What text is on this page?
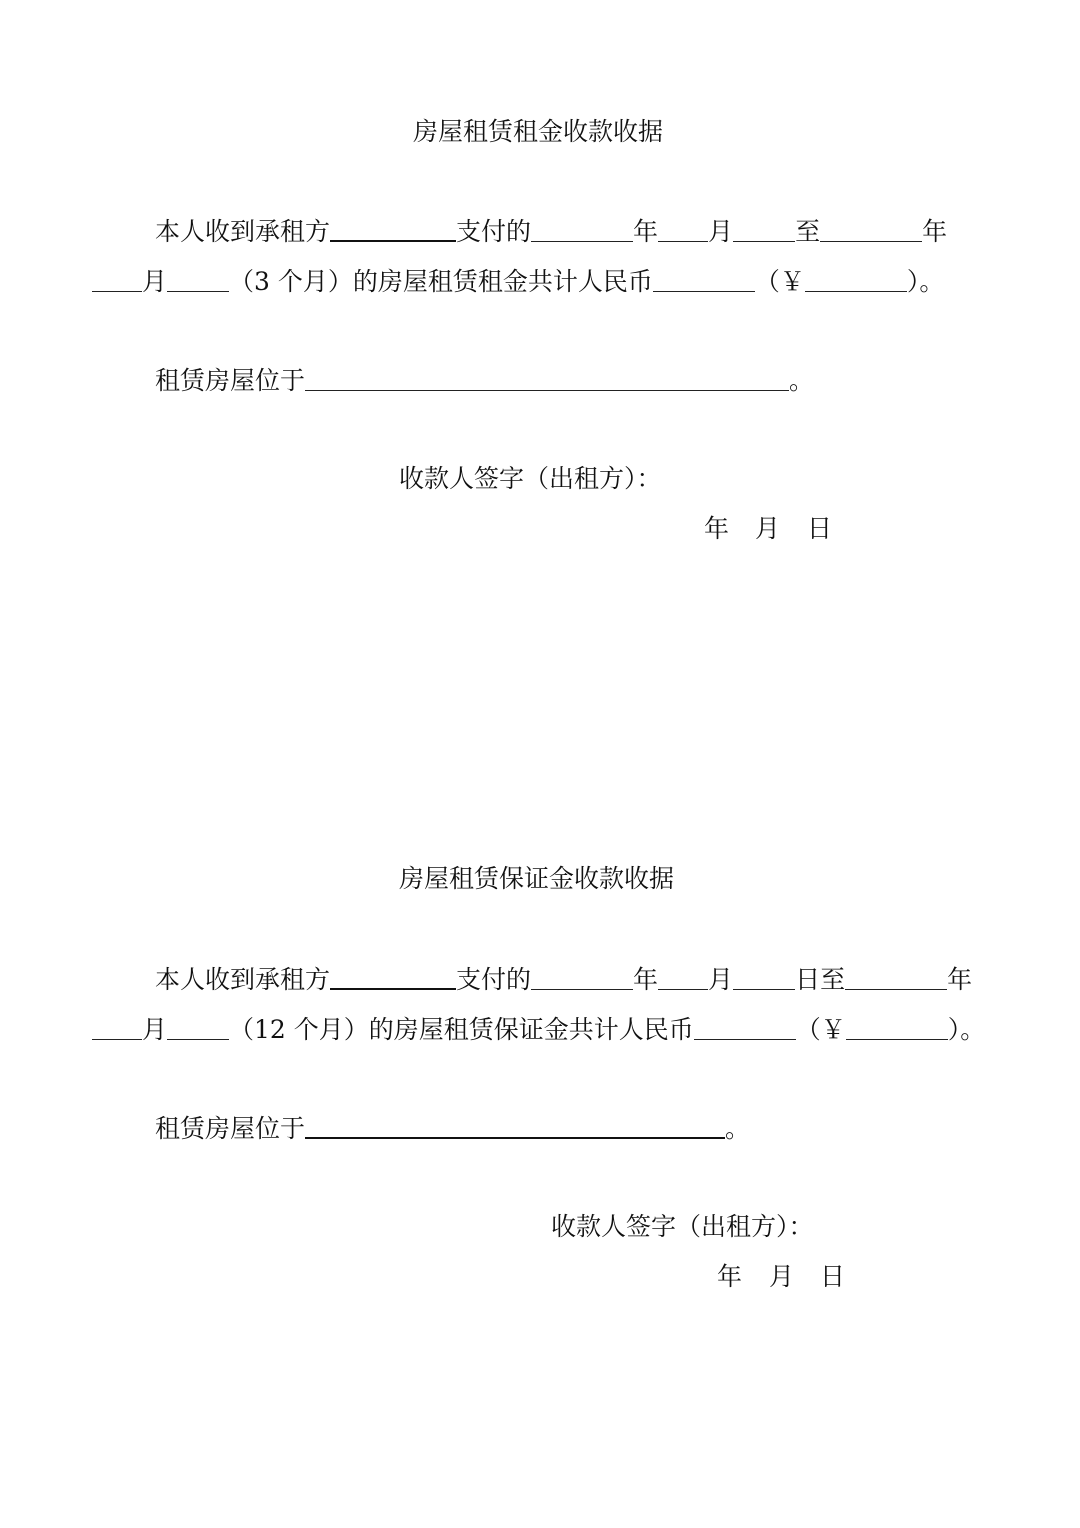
房屋租赁租金收款收据
本人收到承租方	支付的	年 月 至	年
月 （3 个月）的房屋租赁租金共计人民币	（￥	）。
租赁房屋位于	。
收款人签字（出租方）：
年 月 日
房屋租赁保证金收款收据
本人收到承租方	支付的	年 月 日至	年
月 （12 个月）的房屋租赁保证金共计人民币	（￥	）。
租赁房屋位于	。
收款人签字（出租方）：
年 月 日
